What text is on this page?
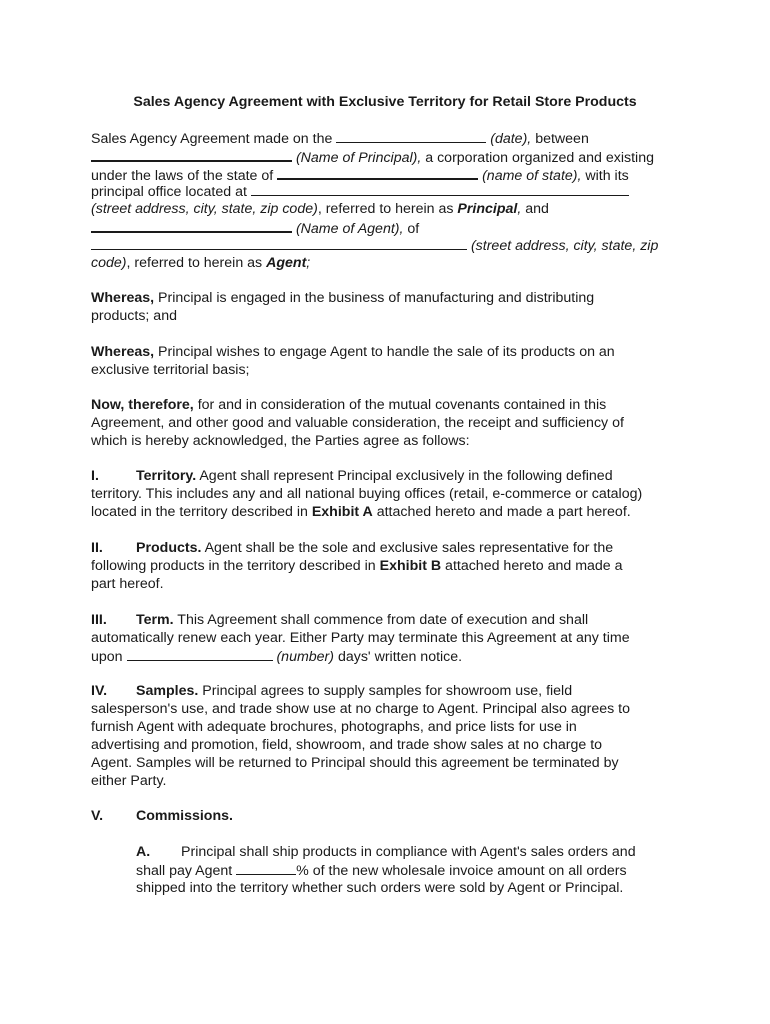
Sales Agency Agreement with Exclusive Territory for Retail Store Products
Sales Agency Agreement made on the	(date), between
(Name of Principal), a corporation organized and existing
under the laws of the state of	(name of state), with its
principal office located at
(street address, city, state, zip code), referred to herein as Principal, and
(Name of Agent), of
(street address, city, state, zip
code), referred to herein as Agent;
Whereas, Principal is engaged in the business of manufacturing and distributing
products; and
Whereas, Principal wishes to engage Agent to handle the sale of its products on an
exclusive territorial basis;
Now, therefore, for and in consideration of the mutual covenants contained in this
Agreement, and other good and valuable consideration, the receipt and sufficiency of
which is hereby acknowledged, the Parties agree as follows:
I.	Territory. Agent shall represent Principal exclusively in the following defined
territory. This includes any and all national buying offices (retail, e-commerce or catalog)
located in the territory described in Exhibit A attached hereto and made a part hereof.
II. Products. Agent shall be the sole and exclusive sales representative for the
following products in the territory described in Exhibit B attached hereto and made a
part hereof.
III. Term. This Agreement shall commence from date of execution and shall
automatically renew each year. Either Party may terminate this Agreement at any time
upon	(number) days' written notice.
IV. Samples. Principal agrees to supply samples for showroom use, field
salesperson's use, and trade show use at no charge to Agent. Principal also agrees to
furnish Agent with adequate brochures, photographs, and price lists for use in
advertising and promotion, field, showroom, and trade show sales at no charge to
Agent. Samples will be returned to Principal should this agreement be terminated by
either Party.
V. Commissions.
A. Principal shall ship products in compliance with Agent's sales orders and
shall pay Agent	% of the new wholesale invoice amount on all orders
shipped into the territory whether such orders were sold by Agent or Principal.
